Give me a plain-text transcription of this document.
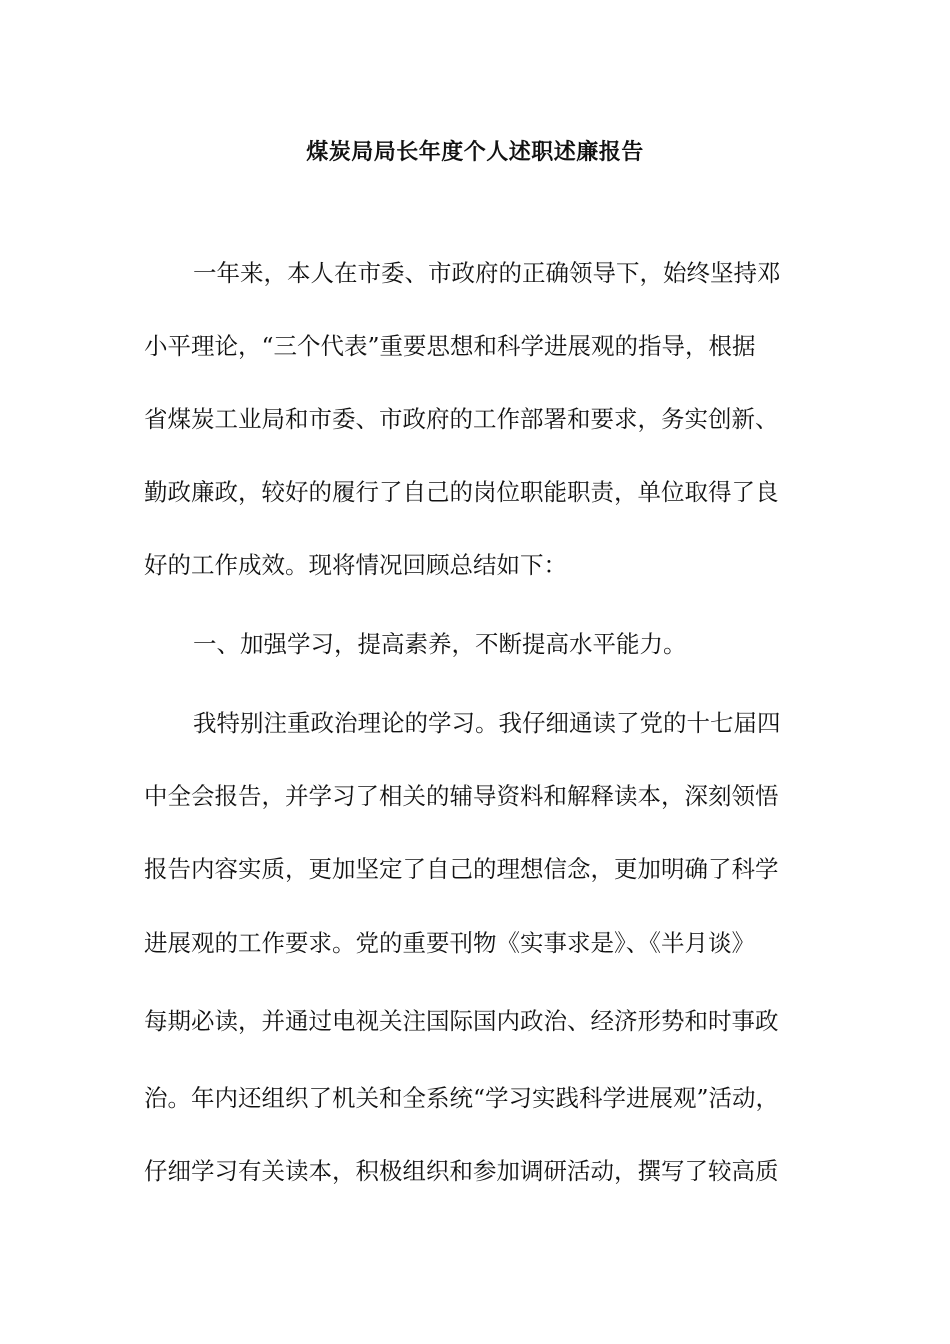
煤炭局局长年度个人述职述廉报告
一年来，本人在市委、市政府的正确领导下，始终坚持邓
小平理论，“三个代表”重要思想和科学进展观的指导，根据
省煤炭工业局和市委、市政府的工作部署和要求，务实创新、
勤政廉政，较好的履行了自己的岗位职能职责，单位取得了良
好的工作成效。现将情况回顾总结如下：
一、加强学习，提高素养，不断提高水平能力。
我特别注重政治理论的学习。我仔细通读了党的十七届四
中全会报告，并学习了相关的辅导资料和解释读本，深刻领悟
报告内容实质，更加坚定了自己的理想信念，更加明确了科学
进展观的工作要求。党的重要刊物《实事求是》、《半月谈》
每期必读，并通过电视关注国际国内政治、经济形势和时事政
治。年内还组织了机关和全系统“学习实践科学进展观”活动，
仔细学习有关读本，积极组织和参加调研活动，撰写了较高质
